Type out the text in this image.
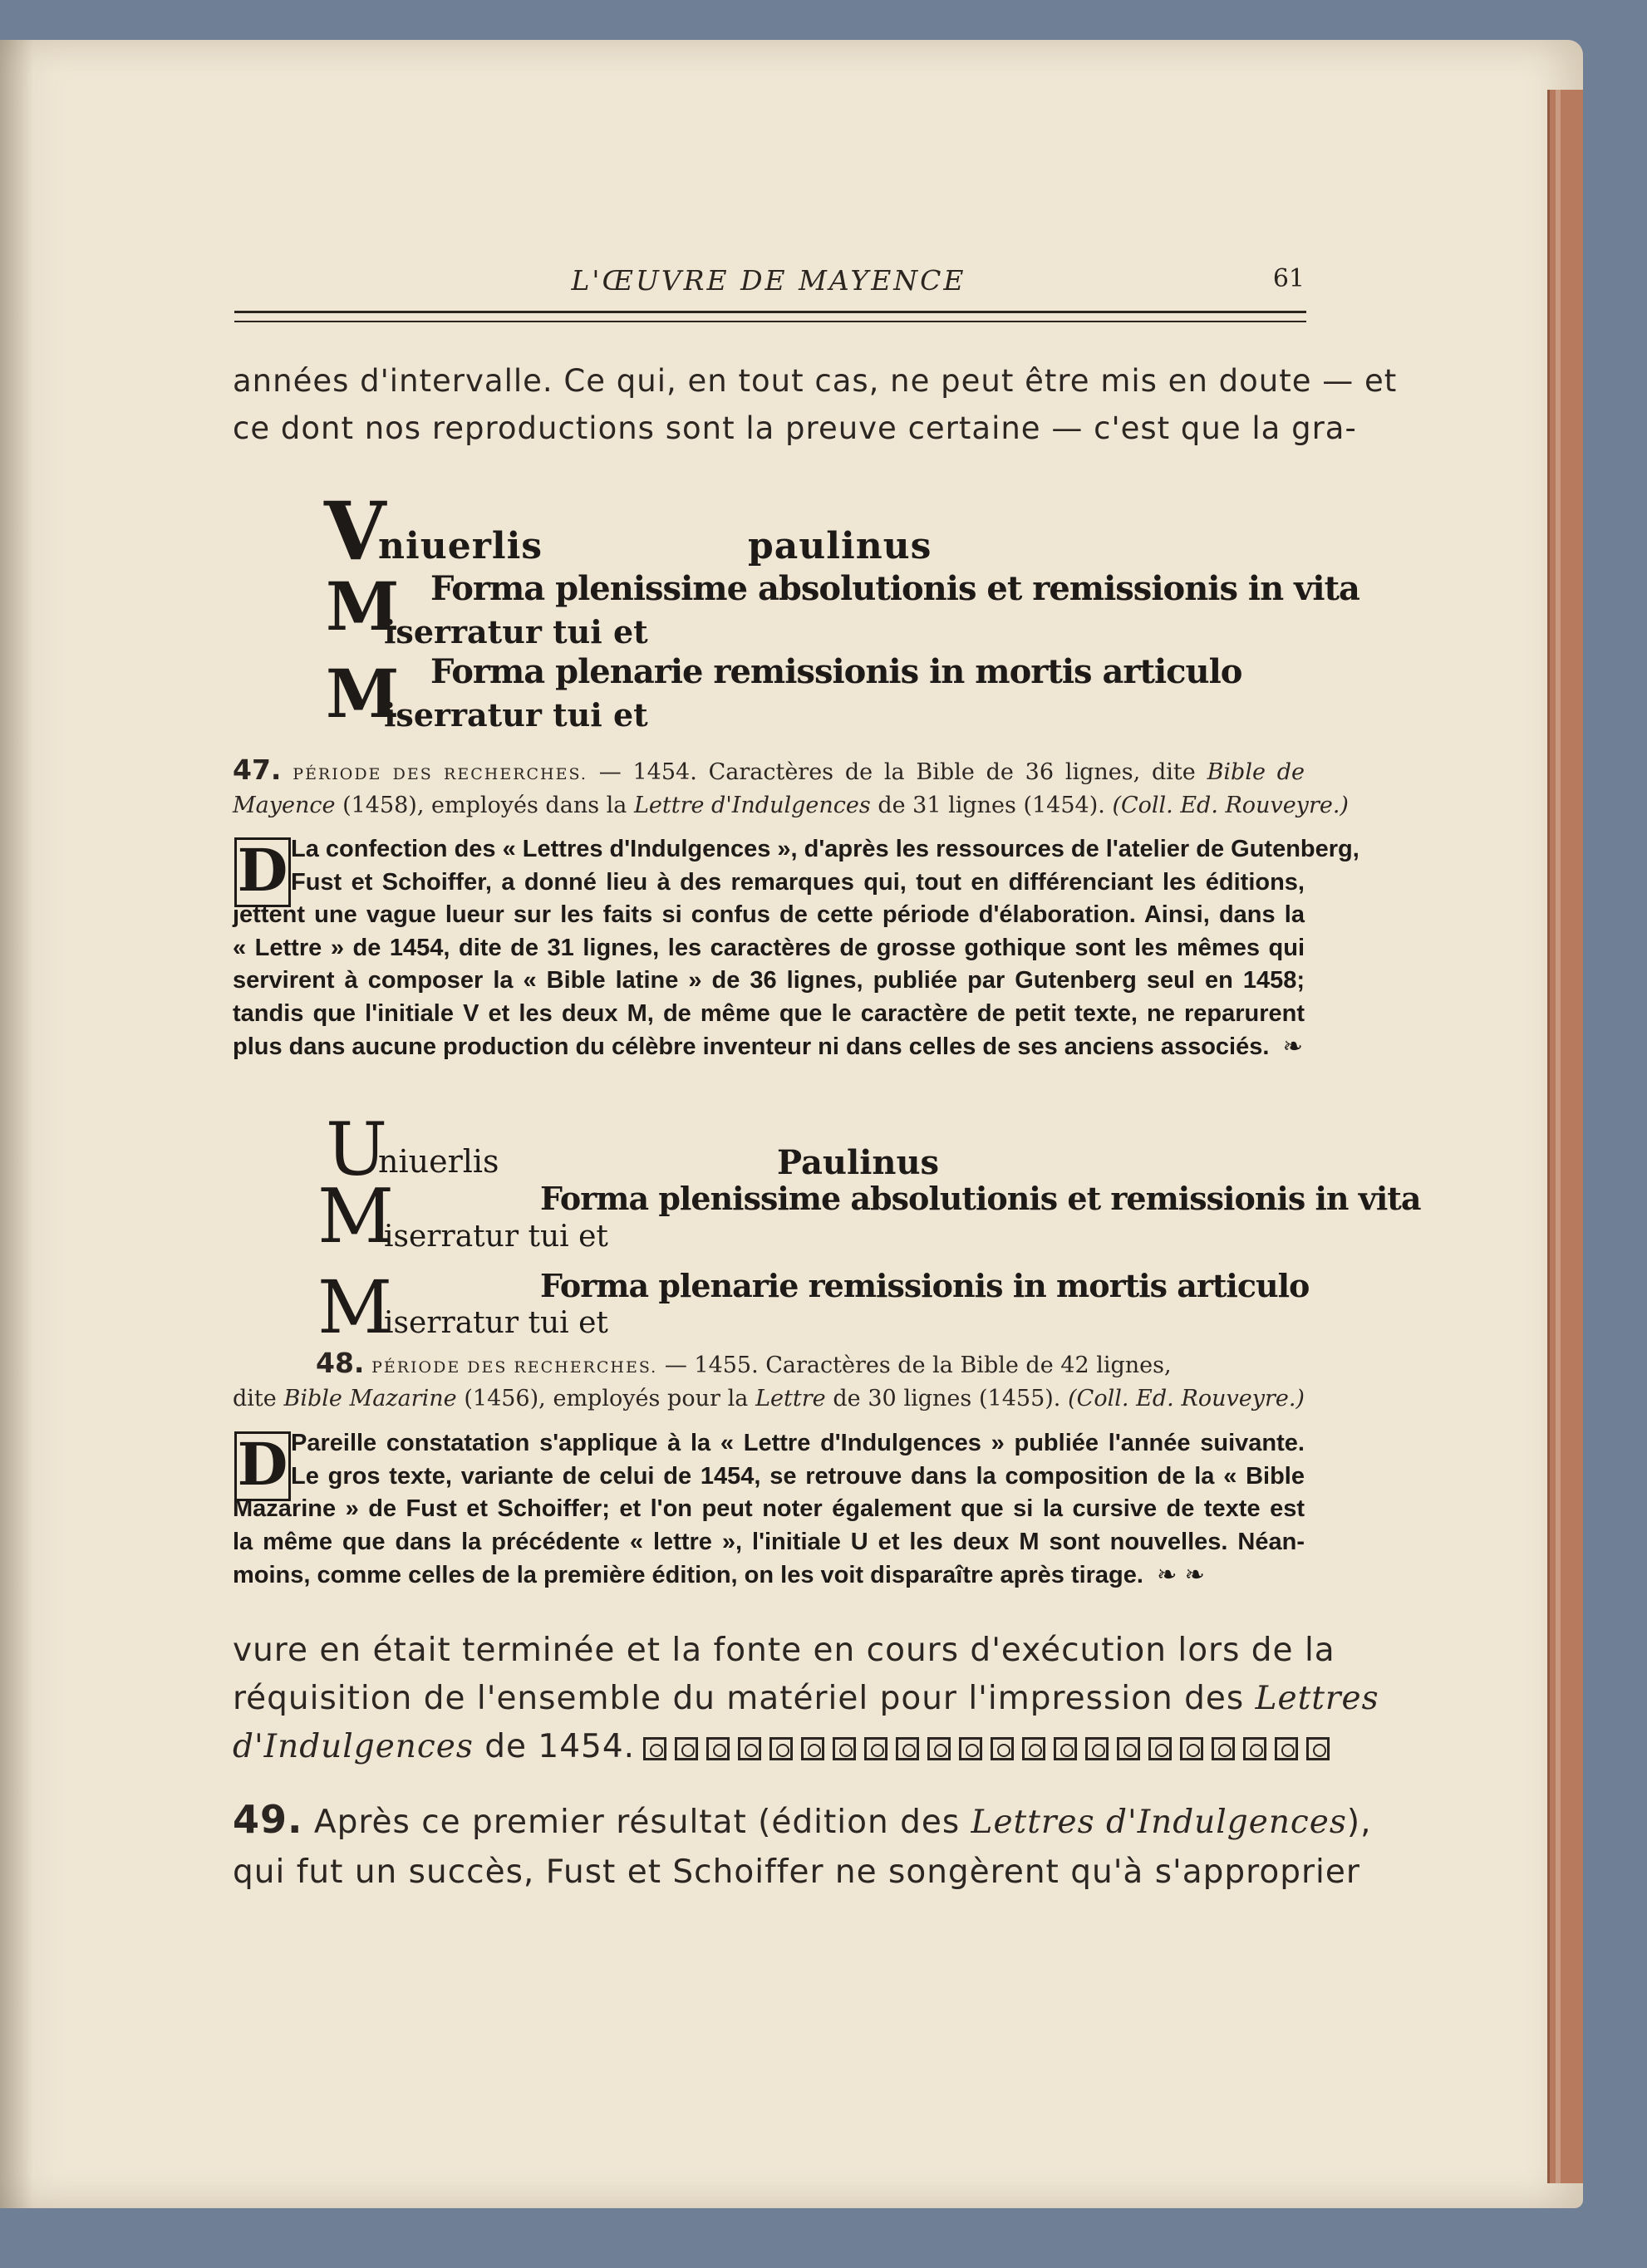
L'ŒUVRE DE MAYENCE	61
années d'intervalle. Ce qui, en tout cas, ne peut être mis en doute — et
ce dont nos reproductions sont la preuve certaine — c'est que la gra-
V
niuerlis	paulinus
Forma plenissime absolutionis et remissionis in vita
M
iserratur tui et
Forma plenarie remissionis in mortis articulo
M
iserratur tui et
47. PÉRIODE DES RECHERCHES. — 1454. Caractères de la Bible de 36 lignes, dite Bible de
Mayence (1458), employés dans la Lettre d'Indulgences de 31 lignes (1454). (Coll. Ed. Rouveyre.)
D La confection des « Lettres d'Indulgences », d'après les ressources de l'atelier de Gutenberg,
Fust et Schoiffer, a donné lieu à des remarques qui, tout en différenciant les éditions,
jettent une vague lueur sur les faits si confus de cette période d'élaboration. Ainsi, dans la
« Lettre » de 1454, dite de 31 lignes, les caractères de grosse gothique sont les mêmes qui
servirent à composer la « Bible latine » de 36 lignes, publiée par Gutenberg seul en 1458;
tandis que l'initiale V et les deux M, de même que le caractère de petit texte, ne reparurent
plus dans aucune production du célèbre inventeur ni dans celles de ses anciens associés. ❧
U
niuerlis	Paulinus
Forma plenissime absolutionis et remissionis in vita
M
iserratur tui et
Forma plenarie remissionis in mortis articulo
M
iserratur tui et
48. PÉRIODE DES RECHERCHES. — 1455. Caractères de la Bible de 42 lignes,
dite Bible Mazarine (1456), employés pour la Lettre de 30 lignes (1455). (Coll. Ed. Rouveyre.)
D Pareille constatation s'applique à la « Lettre d'Indulgences » publiée l'année suivante.
Le gros texte, variante de celui de 1454, se retrouve dans la composition de la « Bible
Mazarine » de Fust et Schoiffer; et l'on peut noter également que si la cursive de texte est
la même que dans la précédente « lettre », l'initiale U et les deux M sont nouvelles. Néan-
moins, comme celles de la première édition, on les voit disparaître après tirage. ❧ ❧
vure en était terminée et la fonte en cours d'exécution lors de la
réquisition de l'ensemble du matériel pour l'impression des Lettres
d'Indulgences de 1454.
49. Après ce premier résultat (édition des Lettres d'Indulgences),
qui fut un succès, Fust et Schoiffer ne songèrent qu'à s'approprier
